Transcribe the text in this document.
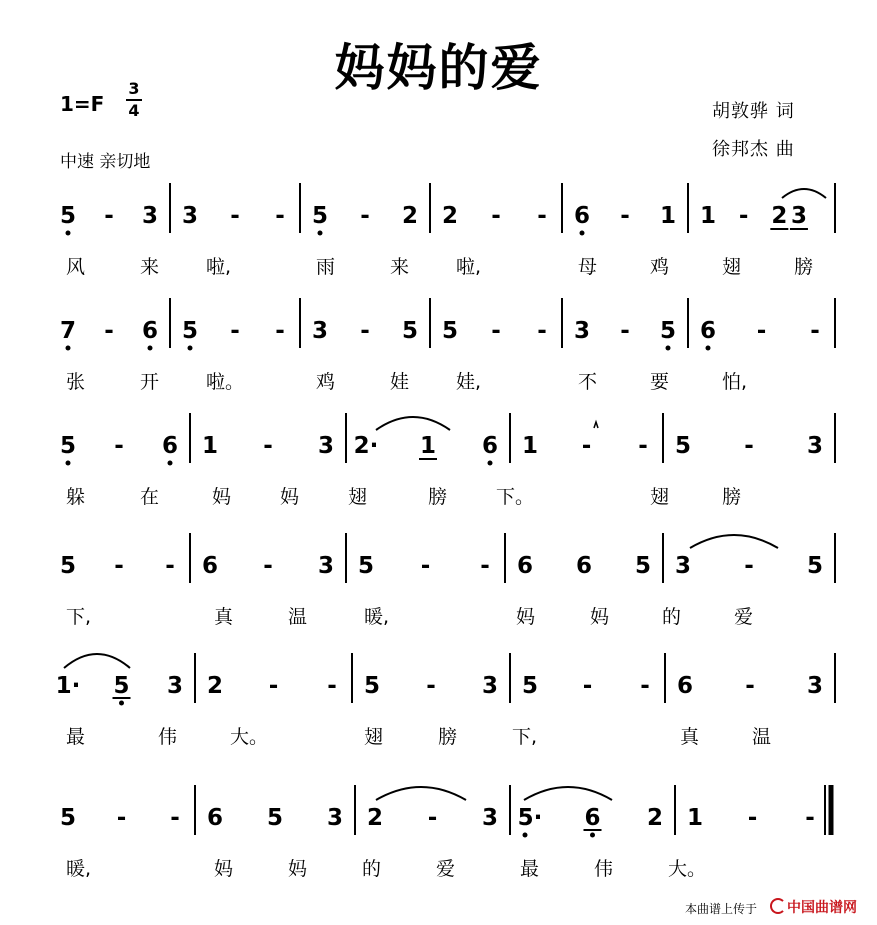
妈妈的爱
1=F
3
4
中速 亲切地
胡敦骅 词
徐邦杰 曲
5 - 3 3 - - 5 - 2 2 - - 6 - 1 1 - 2 3
风	来 啦,	雨	来 啦,	母	鸡	翅	膀
7 - 6 5 - - 3 - 5 5 - - 3 - 5 6 - -
张	开 啦。	鸡	娃 娃,	不	要	怕,
5 - 6 1 - 3 2· 1 6 1 - - 5 - 3
躲	在	妈	妈	翅	膀	下。	翅	膀
5 - - 6 - 3 5 - - 6 6 5 3 - 5
下,	真	温	暖,	妈	妈	的	爱
1· 5 3 2 - - 5 - 3 5 - - 6 - 3
最	伟	大。	翅	膀	下,	真	温
5 - - 6 5 3 2 - 3 5· 6 2 1 - -
暖,	妈	妈	的	爱	最	伟	大。
本曲谱上传于	中国曲谱网
